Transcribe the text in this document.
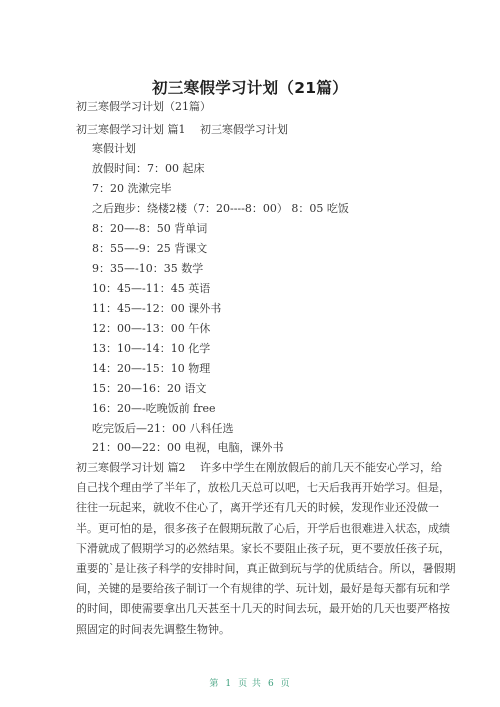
初三寒假学习计划（21篇）
初三寒假学习计划（21篇）
初三寒假学习计划 篇1　 初三寒假学习计划
寒假计划
放假时间：7：00 起床
7：20 洗漱完毕
之后跑步：绕楼2楼（7：20----8：00） 8：05 吃饭
8：20—-8：50 背单词
8：55—-9：25 背课文
9：35—-10：35 数学
10：45—-11：45 英语
11：45—-12：00 课外书
12：00—-13：00 午休
13：10—-14：10 化学
14：20—-15：10 物理
15：20—16：20 语文
16：20—-吃晚饭前 free
吃完饭后—21：00 八科任选
21：00—22：00 电视，电脑，课外书
初三寒假学习计划 篇2　 许多中学生在刚放假后的前几天不能安心学习，给
自己找个理由学了半年了，放松几天总可以吧，七天后我再开始学习。但是，
往往一玩起来，就收不住心了，离开学还有几天的时候，发现作业还没做一
半。更可怕的是，很多孩子在假期玩散了心后，开学后也很难进入状态，成绩
下滑就成了假期学习的必然结果。家长不要阻止孩子玩，更不要放任孩子玩，
重要的`是让孩子科学的安排时间，真正做到玩与学的优质结合。所以，暑假期
间，关键的是要给孩子制订一个有规律的学、玩计划，最好是每天都有玩和学
的时间，即使需要拿出几天甚至十几天的时间去玩，最开始的几天也要严格按
照固定的时间表先调整生物钟。
第 1 页 共 6 页
